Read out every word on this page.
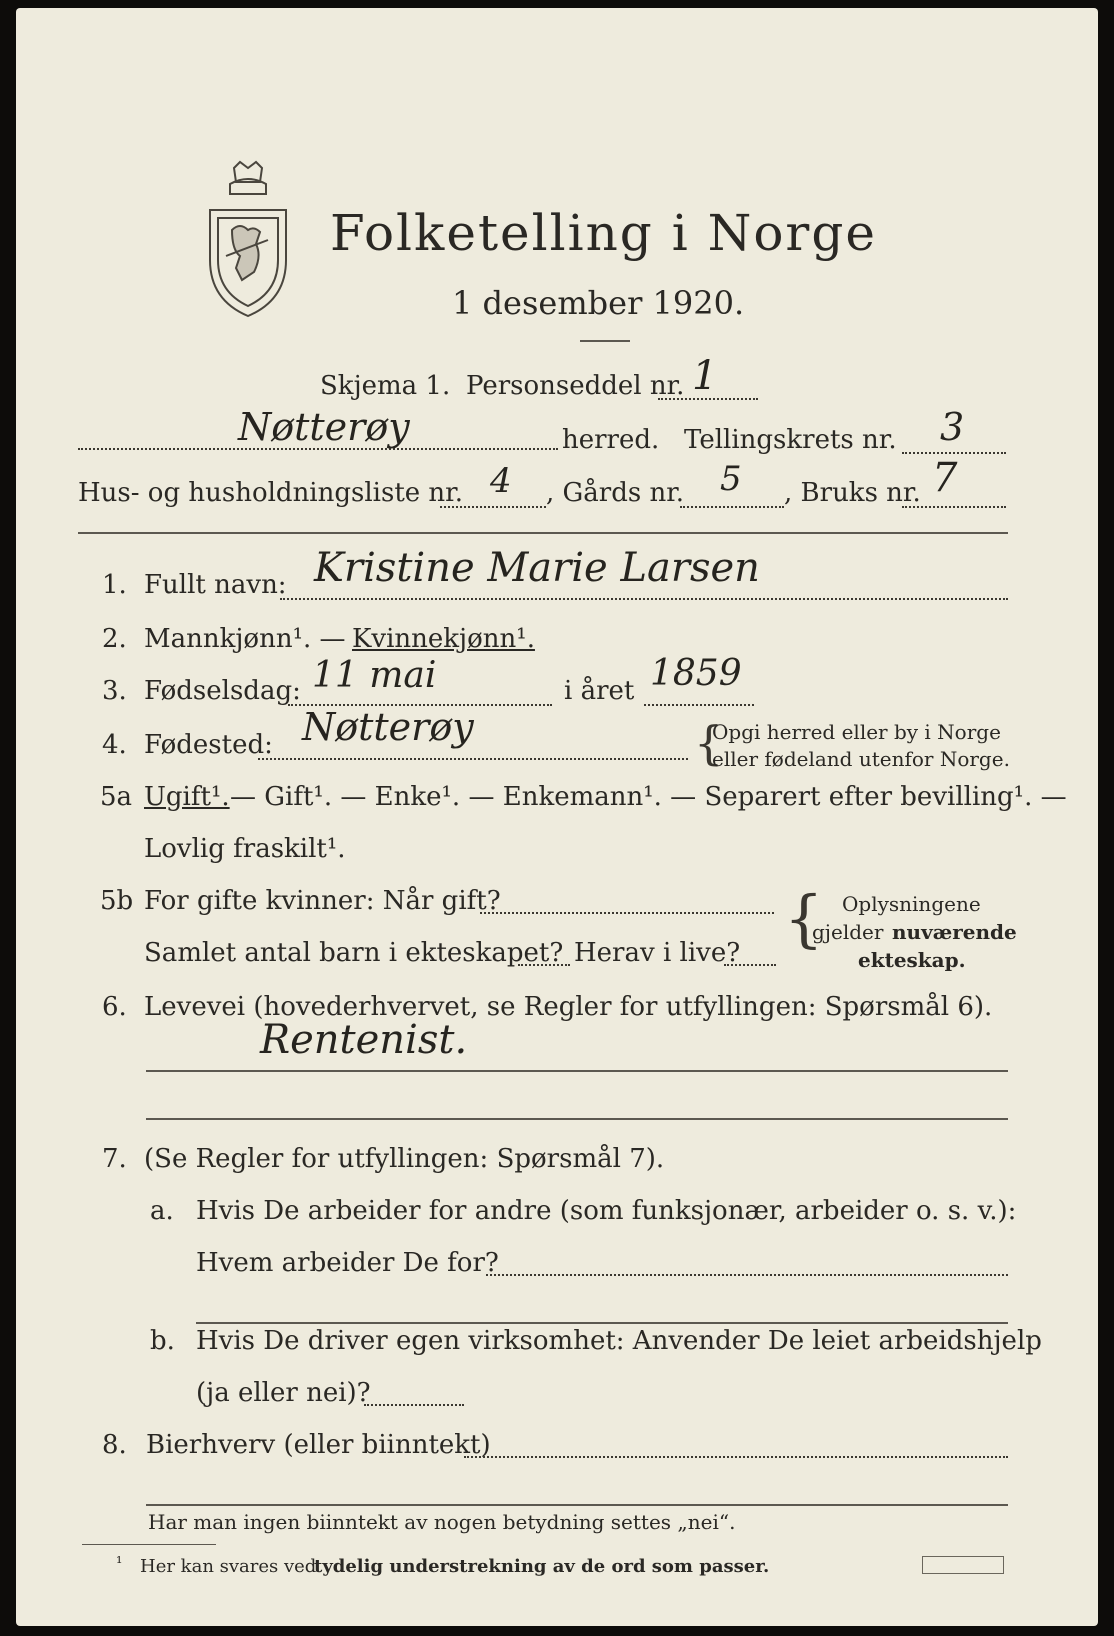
Folketelling i Norge
1 desember 1920.
Skjema 1. Personseddel nr. 1
Nøtterøy	herred. Tellingskrets nr. 3
Hus- og husholdningsliste nr. 4 , Gårds nr. 5 , Bruks nr. 7
1. Fullt navn: Kristine Marie Larsen
2. Mannkjønn¹. — Kvinnekjønn¹.
3. Fødselsdag: 11 mai	i året 1859
4. Fødested: Nøtterøy	{
Opgi herred eller by i Norge
eller fødeland utenfor Norge.
5a Ugift¹. — Gift¹. — Enke¹. — Enkemann¹. — Separert efter bevilling¹. —
Lovlig fraskilt¹.
5b For gifte kvinner: Når gift?
Samlet antal barn i ekteskapet? Herav i live? { Oplysningene
gjelder nuværende
ekteskap.
6. Levevei (hovederhvervet, se Regler for utfyllingen: Spørsmål 6).
Rentenist.
7. (Se Regler for utfyllingen: Spørsmål 7).
a. Hvis De arbeider for andre (som funksjonær, arbeider o. s. v.):
Hvem arbeider De for?
b. Hvis De driver egen virksomhet: Anvender De leiet arbeidshjelp
(ja eller nei)?
8. Bierhverv (eller biinntekt)
Har man ingen biinntekt av nogen betydning settes „nei“.
¹ Her kan svares ved
tydelig understrekning av de ord som passer.
